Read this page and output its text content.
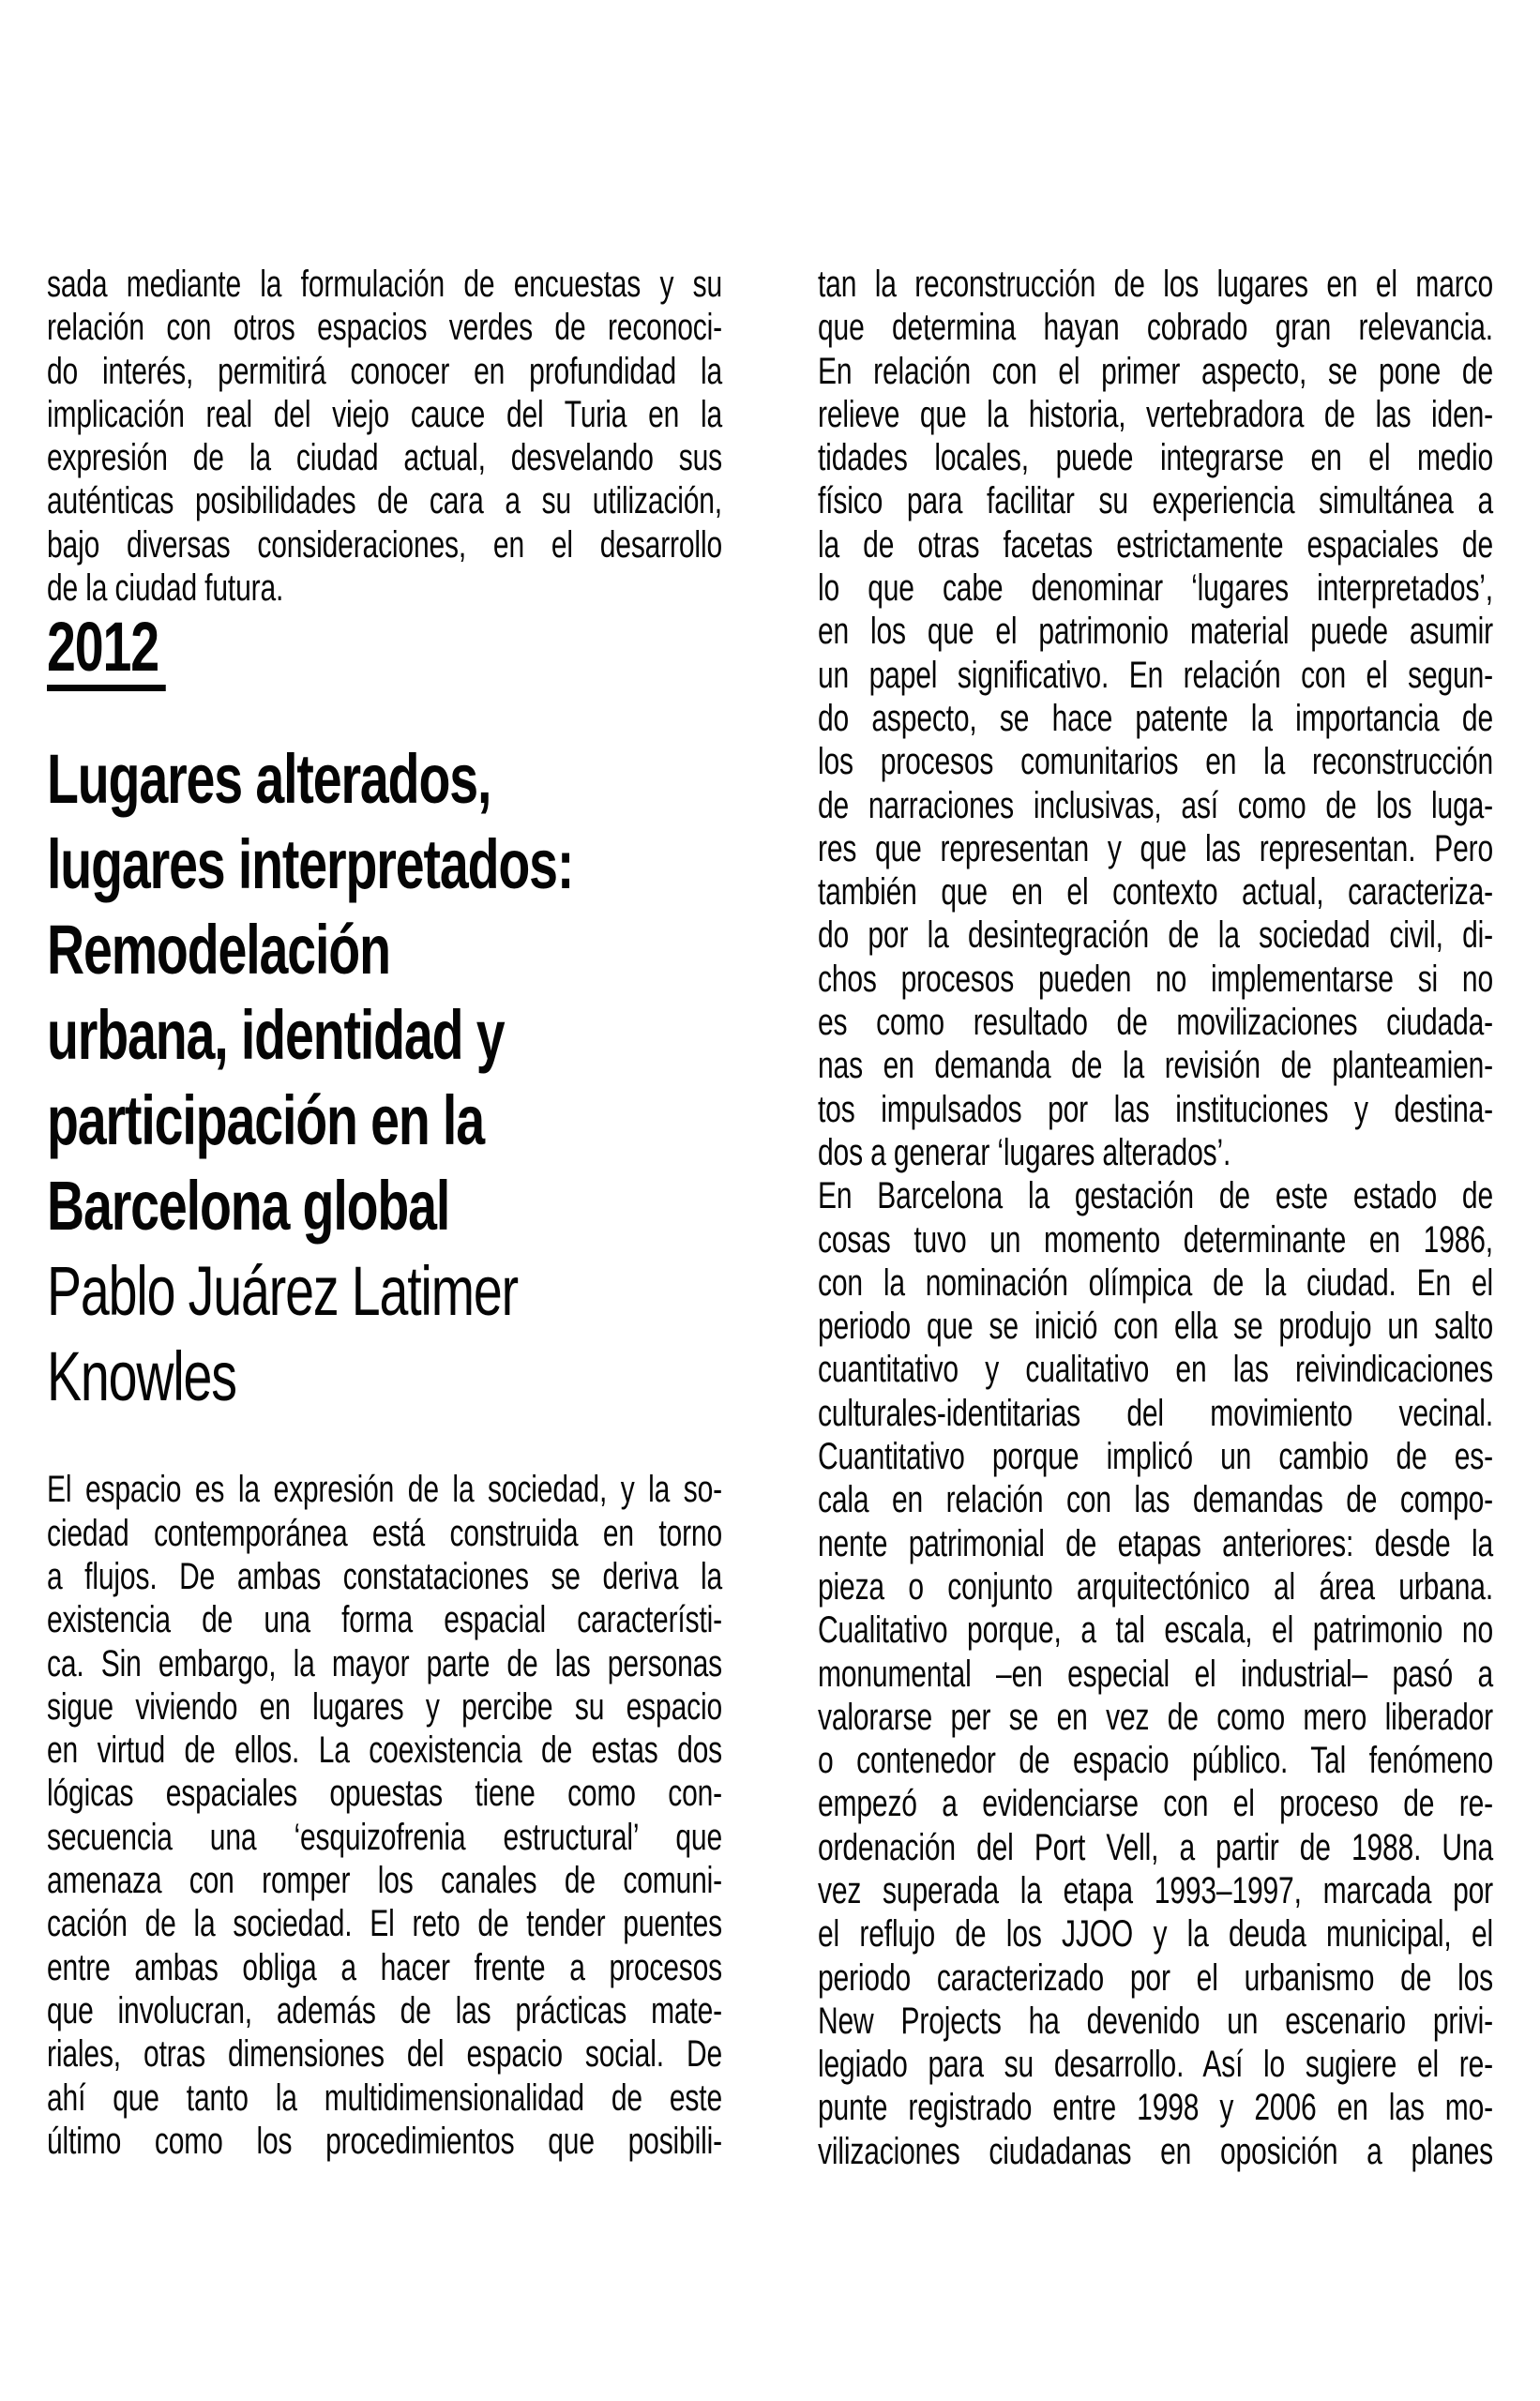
sada mediante la formulación de encuestas y su
relación con otros espacios verdes de reconoci-
do interés, permitirá conocer en profundidad la
implicación real del viejo cauce del Turia en la
expresión de la ciudad actual, desvelando sus
auténticas posibilidades de cara a su utilización,
bajo diversas consideraciones, en el desarrollo
de la ciudad futura.
2012
Lugares alterados,
lugares interpretados:
Remodelación
urbana, identidad y
participación en la
Barcelona global
Pablo Juárez Latimer
Knowles
El espacio es la expresión de la sociedad, y la so-
ciedad contemporánea está construida en torno
a flujos. De ambas constataciones se deriva la
existencia de una forma espacial característi-
ca. Sin embargo, la mayor parte de las personas
sigue viviendo en lugares y percibe su espacio
en virtud de ellos. La coexistencia de estas dos
lógicas espaciales opuestas tiene como con-
secuencia una ‘esquizofrenia estructural’ que
amenaza con romper los canales de comuni-
cación de la sociedad. El reto de tender puentes
entre ambas obliga a hacer frente a procesos
que involucran, además de las prácticas mate-
riales, otras dimensiones del espacio social. De
ahí que tanto la multidimensionalidad de este
último como los procedimientos que posibili-
tan la reconstrucción de los lugares en el marco
que determina hayan cobrado gran relevancia.
En relación con el primer aspecto, se pone de
relieve que la historia, vertebradora de las iden-
tidades locales, puede integrarse en el medio
físico para facilitar su experiencia simultánea a
la de otras facetas estrictamente espaciales de
lo que cabe denominar ‘lugares interpretados’,
en los que el patrimonio material puede asumir
un papel significativo. En relación con el segun-
do aspecto, se hace patente la importancia de
los procesos comunitarios en la reconstrucción
de narraciones inclusivas, así como de los luga-
res que representan y que las representan. Pero
también que en el contexto actual, caracteriza-
do por la desintegración de la sociedad civil, di-
chos procesos pueden no implementarse si no
es como resultado de movilizaciones ciudada-
nas en demanda de la revisión de planteamien-
tos impulsados por las instituciones y destina-
dos a generar ‘lugares alterados’.
En Barcelona la gestación de este estado de
cosas tuvo un momento determinante en 1986,
con la nominación olímpica de la ciudad. En el
periodo que se inició con ella se produjo un salto
cuantitativo y cualitativo en las reivindicaciones
culturales-identitarias del movimiento vecinal.
Cuantitativo porque implicó un cambio de es-
cala en relación con las demandas de compo-
nente patrimonial de etapas anteriores: desde la
pieza o conjunto arquitectónico al área urbana.
Cualitativo porque, a tal escala, el patrimonio no
monumental –en especial el industrial– pasó a
valorarse per se en vez de como mero liberador
o contenedor de espacio público. Tal fenómeno
empezó a evidenciarse con el proceso de re-
ordenación del Port Vell, a partir de 1988. Una
vez superada la etapa 1993–1997, marcada por
el reflujo de los JJOO y la deuda municipal, el
periodo caracterizado por el urbanismo de los
New Projects ha devenido un escenario privi-
legiado para su desarrollo. Así lo sugiere el re-
punte registrado entre 1998 y 2006 en las mo-
vilizaciones ciudadanas en oposición a planes
